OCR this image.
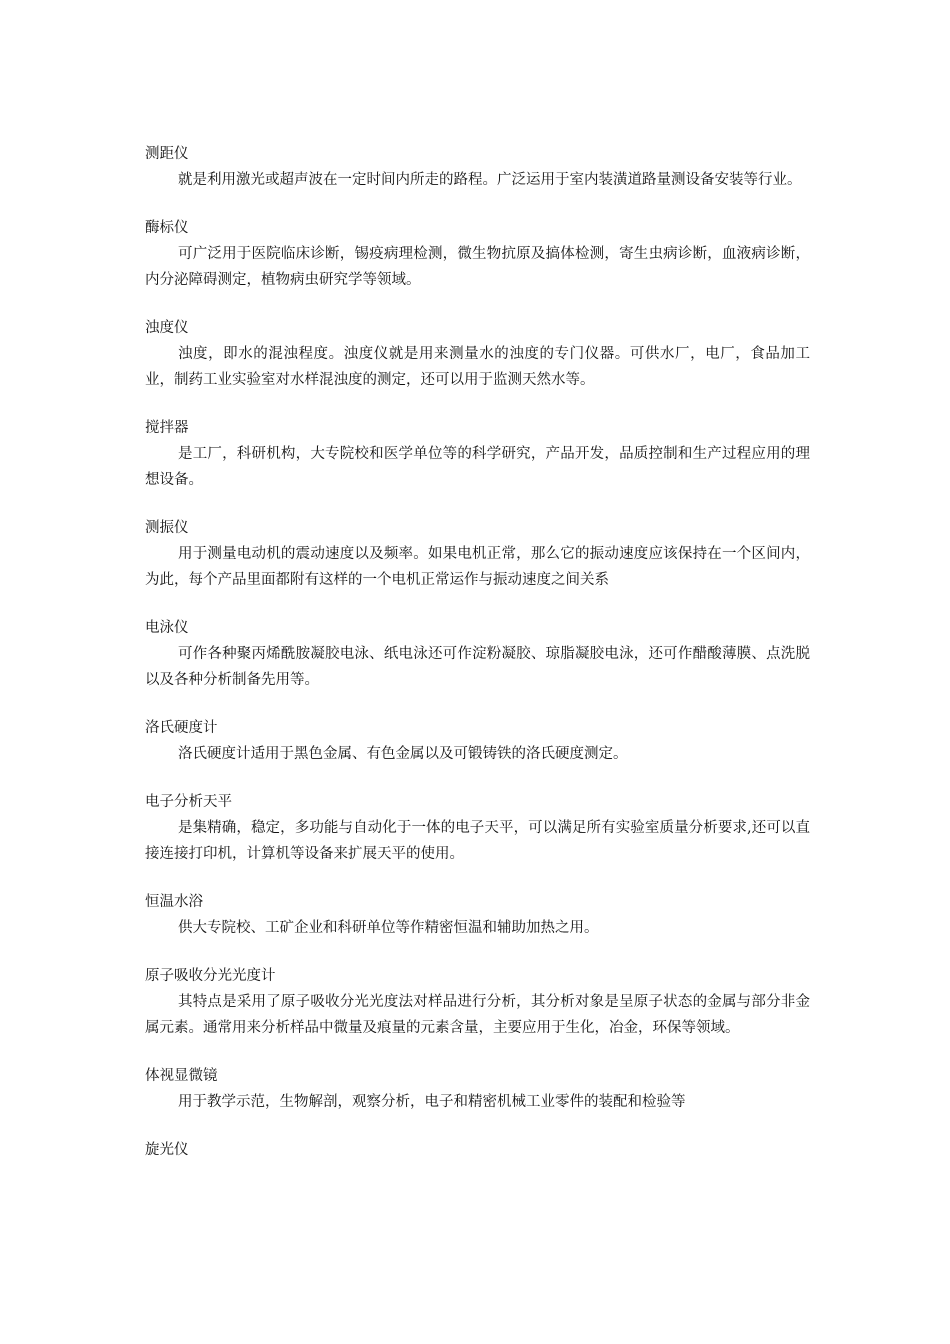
测距仪

就是利用激光或超声波在一定时间内所走的路程。广泛运用于室内装潢道路量测设备安装等行业。

酶标仪

可广泛用于医院临床诊断，锡疫病理检测，微生物抗原及搞体检测，寄生虫病诊断，血液病诊断，内分泌障碍测定，植物病虫研究学等领域。

浊度仪

浊度，即水的混浊程度。浊度仪就是用来测量水的浊度的专门仪器。可供水厂，电厂，食品加工业，制药工业实验室对水样混浊度的测定，还可以用于监测天然水等。

搅拌器

是工厂，科研机构，大专院校和医学单位等的科学研究，产品开发，品质控制和生产过程应用的理想设备。

测振仪

用于测量电动机的震动速度以及频率。如果电机正常，那么它的振动速度应该保持在一个区间内，为此，每个产品里面都附有这样的一个电机正常运作与振动速度之间关系

电泳仪

可作各种聚丙烯酰胺凝胶电泳、纸电泳还可作淀粉凝胶、琼脂凝胶电泳，还可作醋酸薄膜、点洗脱以及各种分析制备先用等。

洛氏硬度计

洛氏硬度计适用于黑色金属、有色金属以及可锻铸铁的洛氏硬度测定。

电子分析天平

是集精确，稳定，多功能与自动化于一体的电子天平，可以满足所有实验室质量分析要求,还可以直接连接打印机，计算机等设备来扩展天平的使用。

恒温水浴

供大专院校、工矿企业和科研单位等作精密恒温和辅助加热之用。

原子吸收分光光度计

其特点是采用了原子吸收分光光度法对样品进行分析，其分析对象是呈原子状态的金属与部分非金属元素。通常用来分析样品中微量及痕量的元素含量，主要应用于生化，冶金，环保等领域。

体视显微镜

用于教学示范，生物解剖，观察分析，电子和精密机械工业零件的装配和检验等

旋光仪
